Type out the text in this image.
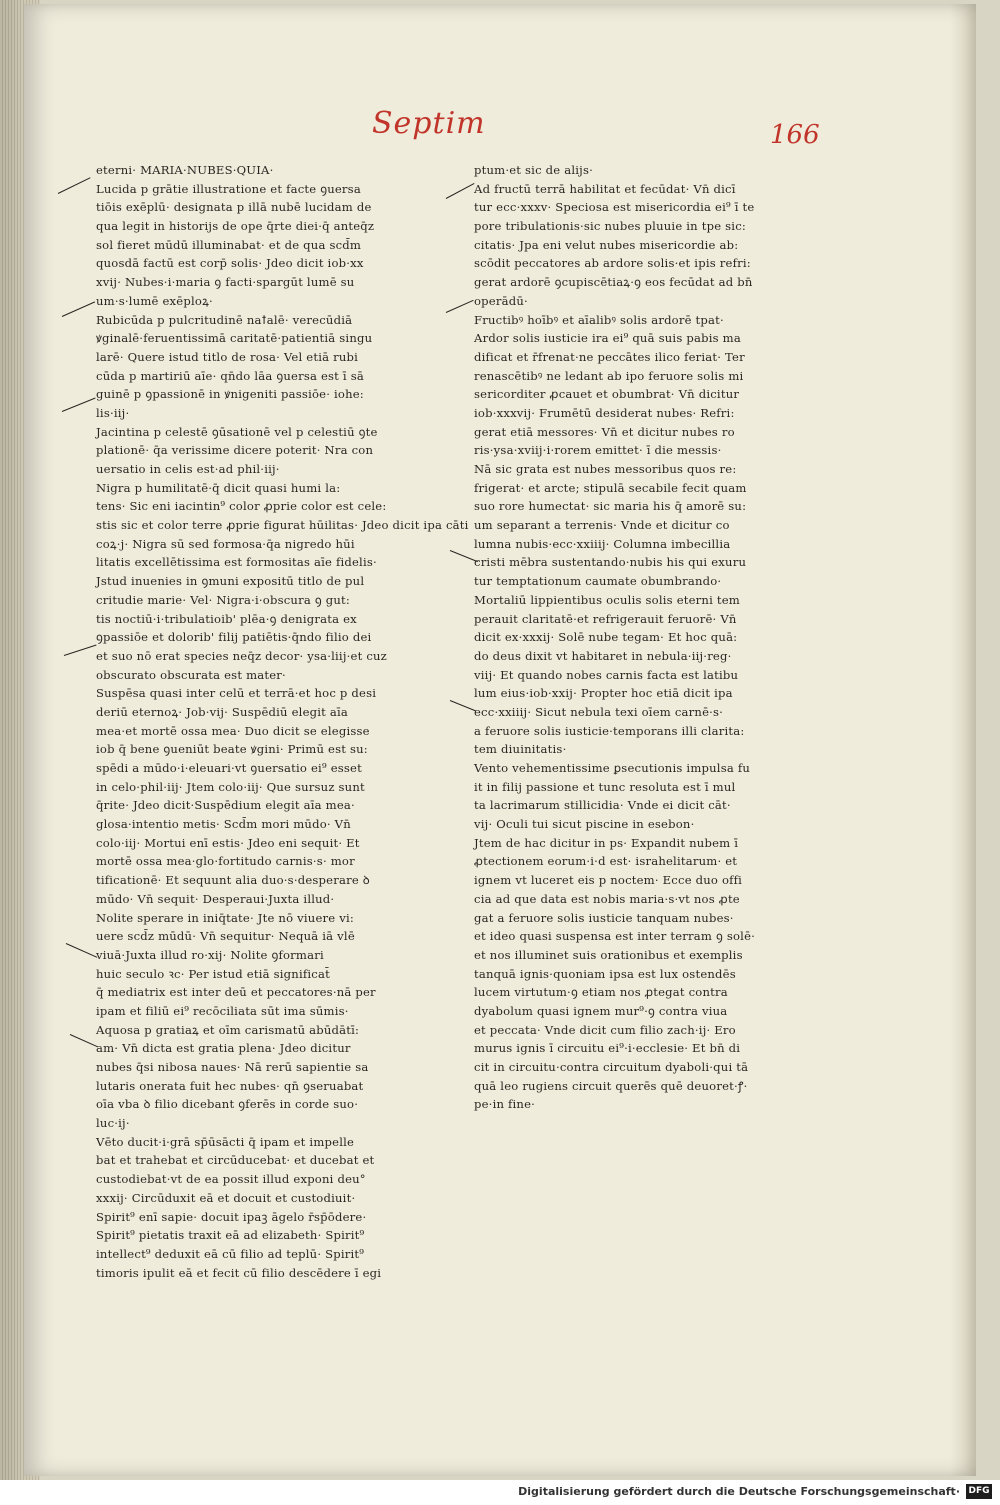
Septim	166
eterni· MARIA·NUBES·QUIA·
Lucida p grātie illustratione et facte ꝯuersa
tiōis exēplū· designata p illā nubē lucidam de
qua legit in historijs de ope q̄rte diei·q̄ anteq̄z
sol fieret mūdū illuminabat· et de qua scd̄m
quosdā factū est corp̄ solis· Jdeo dicit iob·xx
xvij· Nubes·i·maria ꝯ facti·spargūt lumē su
um·s·lumē exēploꝝ·
Rubicūda p pulcritudinē naꝉalē· verecūdiā
ꝟginalē·feruentissimā caritatē·patientiā singu
larē· Quere istud titlo de rosa· Vel etiā rubi
cūda p martiriū aīe· qn̄do lāa ꝯuersa est ī sā
guinē p ꝯpassionē in ꝟnigeniti passiōe· iohe:
lis·iij·
Jacintina p celestē ꝯūsationē vel p celestiū ꝯte
plationē· q̄a verissime dicere poterit· Nra con
uersatio in celis est·ad phil·iij·
Nigra p humilitatē·q̄ dicit quasi humi la:
tens· Sic eni iacintin⁹ color ꝓprie color est cele:
stis sic et color terre ꝓprie figurat hūilitas· Jdeo dicit ipa cāti
coꝝ·j· Nigra sū sed formosa·q̄a nigredo hūi
litatis excellētissima est formositas aīe fidelis·
Jstud inuenies in ꝯmuni expositū titlo de pul
critudie marie· Vel· Nigra·i·obscura ꝯ gut:
tis noctiū·i·tribulatioib' plēa·ꝯ denigrata ex
ꝯpassiōe et dolorib' filij patiētis·q̄ndo filio dei
et suo nō erat species neq̄z decor· ysa·liij·et cuz
obscurato obscurata est mater·
Suspēsa quasi inter celū et terrā·et hoc p desi
deriū eternoꝝ· Job·vij· Suspēdiū elegit aīa
mea·et mortē ossa mea· Duo dicit se elegisse
iob q̄ bene ꝯueniūt beate ꝟgini· Primū est su:
spēdi a mūdo·i·eleuari·vt ꝯuersatio ei⁹ esset
in celo·phil·iij· Jtem colo·iij· Que sursuz sunt
q̄rite· Jdeo dicit·Suspēdium elegit aīa mea·
glosa·intentio metis· Scd̄m mori mūdo· Vn̄
colo·iij· Mortui enī estis· Jdeo eni sequit· Et
mortē ossa mea·glo·fortitudo carnis·s· mor
tificationē· Et sequunt alia duo·s·desperare ꝺ
mūdo· Vn̄ sequit· Desperaui·Juxta illud·
Nolite sperare in iniq̄tate· Jte nō viuere vi:
uere scd̄z mūdū· Vn̄ sequitur· Nequā iā vlē
viuā·Juxta illud ro·xij· Nolite ꝯformari
huic seculo ꝛc· Per istud etiā significat̄
q̄ mediatrix est inter deū et peccatores·nā per
ipam et filiū ei⁹ recōciliata sūt ima sūmis·
Aquosa p gratiaꝝ et oīm carismatū abūdātī:
am· Vn̄ dicta est gratia plena· Jdeo dicitur
nubes q̄si nibosa naues· Nā rerū sapientie sa
lutaris onerata fuit hec nubes· qn̄ ꝯseruabat
oīa vba ꝺ filio dicebant ꝯferēs in corde suo·
luc·ij·
Vēto ducit·i·grā sp̄ūsācti q̄ ipam et impelle
bat et trahebat et circūducebat· et ducebat et
custodiebat·vt de ea possit illud exponi deu°
xxxij· Circūduxit eā et docuit et custodiuit·
Spirit⁹ enī sapie· docuit ipaꝫ āgelo r̄sp̄ōdere·
Spirit⁹ pietatis traxit eā ad elizabeth· Spirit⁹
intellect⁹ deduxit eā cū filio ad teplū· Spirit⁹
timoris ipulit eā et fecit cū filio descēdere ī egi
ptum·et sic de alijs·
Ad fructū terrā habilitat et fecūdat· Vn̄ dicī
tur ecc·xxxv· Speciosa est misericordia ei⁹ ī te
pore tribulationis·sic nubes pluuie in tpe sic:
citatis· Jpa eni velut nubes misericordie ab:
scōdit peccatores ab ardore solis·et ipis refri:
gerat ardorē ꝯcupiscētiaꝝ·ꝯ eos fecūdat ad bn̄
operādū·
Fructibꝰ hoībꝰ et aīalibꝰ solis ardorē tpat·
Ardor solis iusticie ira ei⁹ quā suis pabis ma
dificat et r̄frenat·ne peccātes ilico feriat· Ter
renascētibꝰ ne ledant ab ipo feruore solis mi
sericorditer ꝓcauet et obumbrat· Vn̄ dicitur
iob·xxxvij· Frumētū desiderat nubes· Refri:
gerat etiā messores· Vn̄ et dicitur nubes ro
ris·ysa·xviij·i·rorem emittet· ī die messis·
Nā sic grata est nubes messoribus quos re:
frigerat· et arcte; stipulā secabile fecit quam
suo rore humectat· sic maria his q̄ amorē su:
um separant a terrenis· Vnde et dicitur co
lumna nubis·ecc·xxiiij· Columna imbecillia
cristi mēbra sustentando·nubis his qui exuru
tur temptationum caumate obumbrando·
Mortaliū lippientibus oculis solis eterni tem
perauit claritatē·et refrigerauit feruorē· Vn̄
dicit ex·xxxij· Solē nube tegam· Et hoc quā:
do deus dixit vt habitaret in nebula·iij·reg·
viij· Et quando nobes carnis facta est latibu
lum eius·iob·xxij· Propter hoc etiā dicit ipa
ecc·xxiiij· Sicut nebula texi oīem carnē·s·
a feruore solis iusticie·temporans illi clarita:
tem diuinitatis·
Vento vehementissime ꝑsecutionis impulsa fu
it in filij passione et tunc resoluta est ī mul
ta lacrimarum stillicidia· Vnde ei dicit cāt·
vij· Oculi tui sicut piscine in esebon·
Jtem de hac dicitur in ps· Expandit nubem ī
ꝓtectionem eorum·i·d est· israhelitarum· et
ignem vt luceret eis p noctem· Ecce duo offi
cia ad que data est nobis maria·s·vt nos ꝓte
gat a feruore solis iusticie tanquam nubes·
et ideo quasi suspensa est inter terram ꝯ solē·
et nos illuminet suis orationibus et exemplis
tanquā ignis·quoniam ipsa est lux ostendēs
lucem virtutum·ꝯ etiam nos ꝓtegat contra
dyabolum quasi ignem mur⁹·ꝯ contra viua
et peccata· Vnde dicit cum filio zach·ij· Ero
murus ignis ī circuitu ei⁹·i·ecclesie· Et bn̄ di
cit in circuitu·contra circuitum dyaboli·qui tā
quā leo rugiens circuit querēs quē deuoret·ꝭ·
pe·in fine·
Digitalisierung gefördert durch die Deutsche Forschungsgemeinschaft· DFG
